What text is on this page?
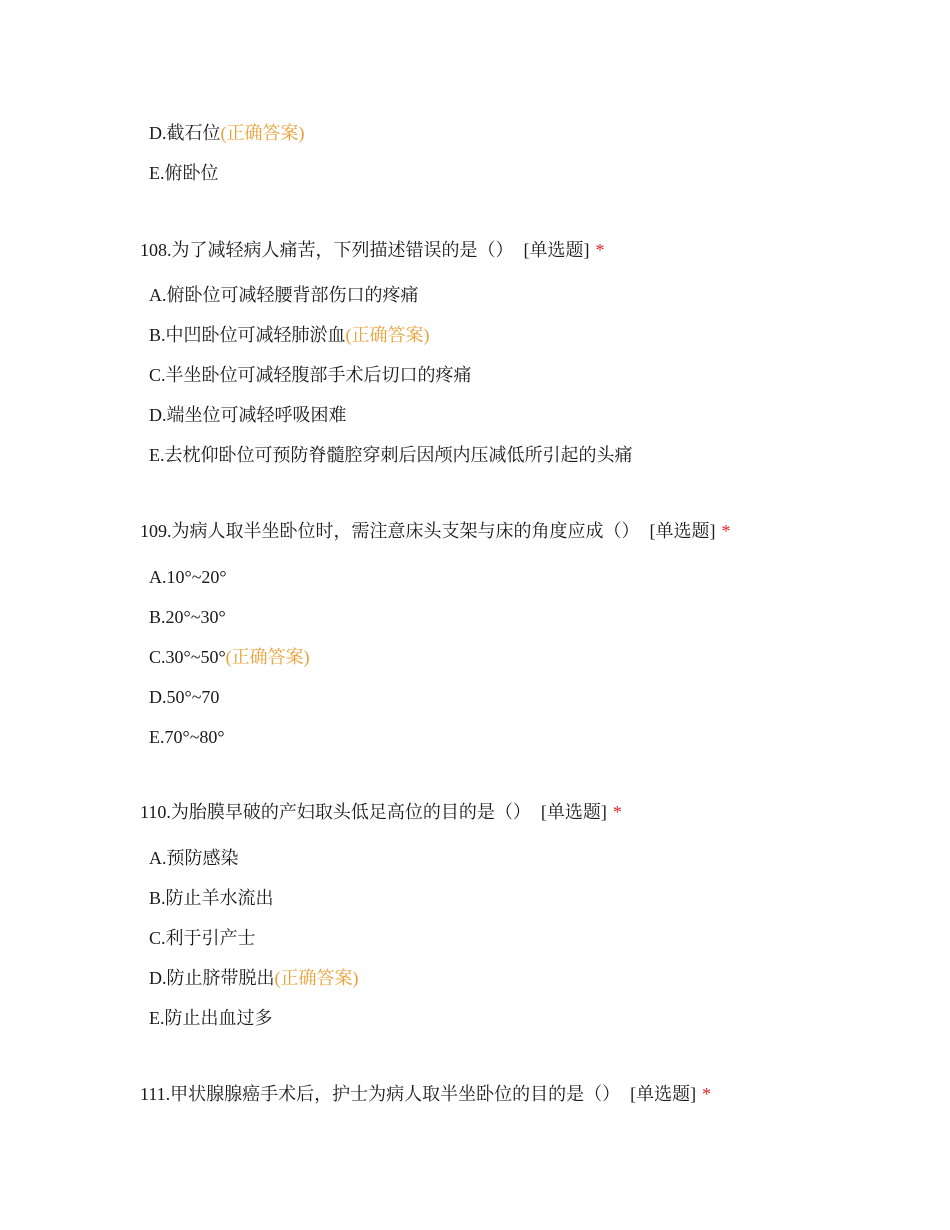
D.截石位(正确答案)
E.俯卧位
108.为了减轻病人痛苦，下列描述错误的是（） [单选题] *
A.俯卧位可减轻腰背部伤口的疼痛
B.中凹卧位可减轻肺淤血(正确答案)
C.半坐卧位可减轻腹部手术后切口的疼痛
D.端坐位可减轻呼吸困难
E.去枕仰卧位可预防脊髓腔穿刺后因颅内压减低所引起的头痛
109.为病人取半坐卧位时，需注意床头支架与床的角度应成（） [单选题] *
A.10°~20°
B.20°~30°
C.30°~50°(正确答案)
D.50°~70
E.70°~80°
110.为胎膜早破的产妇取头低足高位的目的是（） [单选题] *
A.预防感染
B.防止羊水流出
C.利于引产士
D.防止脐带脱出(正确答案)
E.防止出血过多
111.甲状腺腺癌手术后，护士为病人取半坐卧位的目的是（） [单选题] *
